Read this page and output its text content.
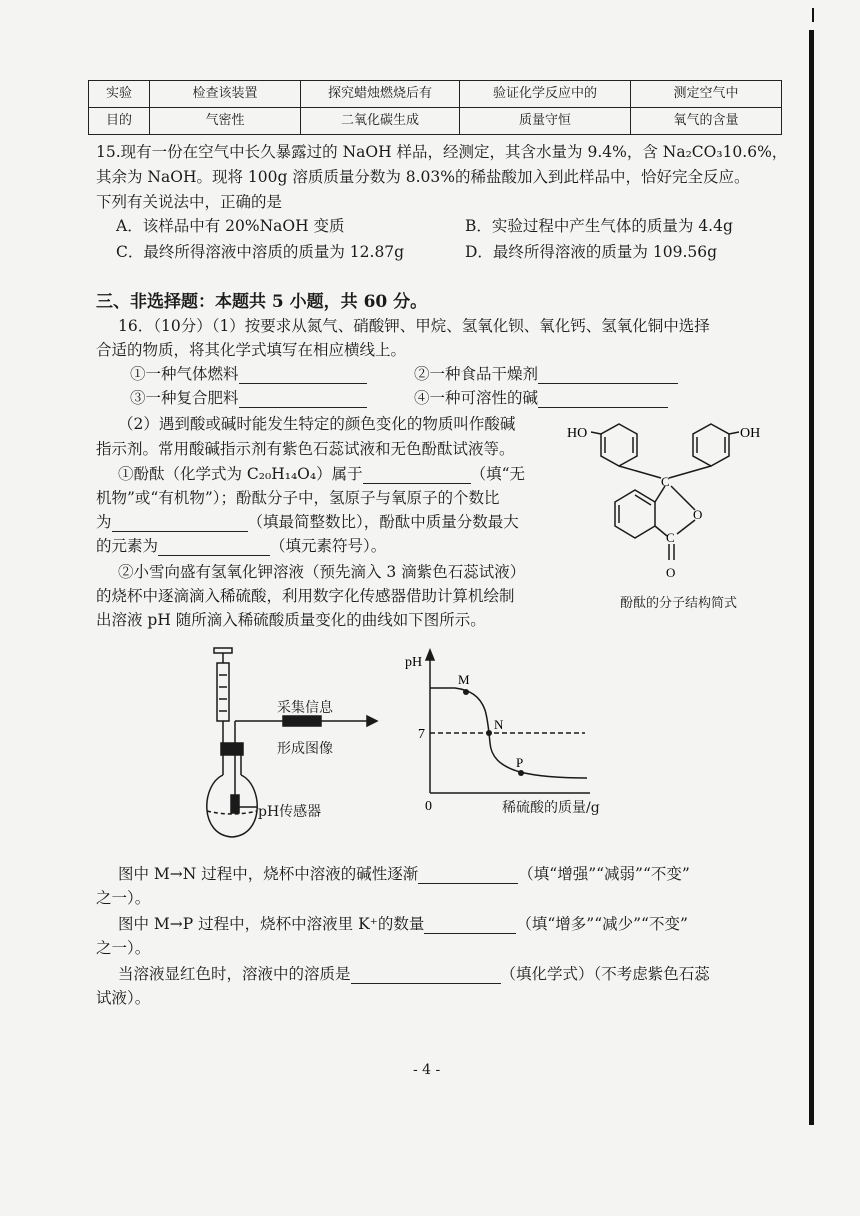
实验	检查该装置	探究蜡烛燃烧后有	验证化学反应中的	测定空气中
目的	气密性	二氧化碳生成	质量守恒	氧气的含量
15.现有一份在空气中长久暴露过的 NaOH 样品，经测定，其含水量为 9.4%，含 Na₂CO₃10.6%，
其余为 NaOH。现将 100g 溶质质量分数为 8.03%的稀盐酸加入到此样品中，恰好完全反应。
下列有关说法中，正确的是
A．该样品中有 20%NaOH 变质	B．实验过程中产生气体的质量为 4.4g
C．最终所得溶液中溶质的质量为 12.87g	D．最终所得溶液的质量为 109.56g
三、非选择题：本题共 5 小题，共 60 分。
16．（10分）（1）按要求从氮气、硝酸钾、甲烷、氢氧化钡、氧化钙、氢氧化铜中选择
合适的物质，将其化学式填写在相应横线上。
①一种气体燃料	②一种食品干燥剂
③一种复合肥料	④一种可溶性的碱
（2）遇到酸或碱时能发生特定的颜色变化的物质叫作酸碱
指示剂。常用酸碱指示剂有紫色石蕊试液和无色酚酞试液等。
①酚酞（化学式为 C₂₀H₁₄O₄）属于	（填“无
机物”或“有机物”）；酚酞分子中，氢原子与氧原子的个数比
为	（填最简整数比），酚酞中质量分数最大
的元素为	（填元素符号）。
②小雪向盛有氢氧化钾溶液（预先滴入 3 滴紫色石蕊试液）
的烧杯中逐滴滴入稀硫酸，利用数字化传感器借助计算机绘制
出溶液 pH 随所滴入稀硫酸质量变化的曲线如下图所示。
HO	OH
C
O
C
O
酚酞的分子结构简式
采集信息
形成图像
pH传感器
pH
7
0
M
N
P
稀硫酸的质量/g
图中 M→N 过程中，烧杯中溶液的碱性逐渐	（填“增强”“减弱”“不变”
之一）。
图中 M→P 过程中，烧杯中溶液里 K⁺的数量	（填“增多”“减少”“不变”
之一）。
当溶液显红色时，溶液中的溶质是	（填化学式）（不考虑紫色石蕊
试液）。
- 4 -
